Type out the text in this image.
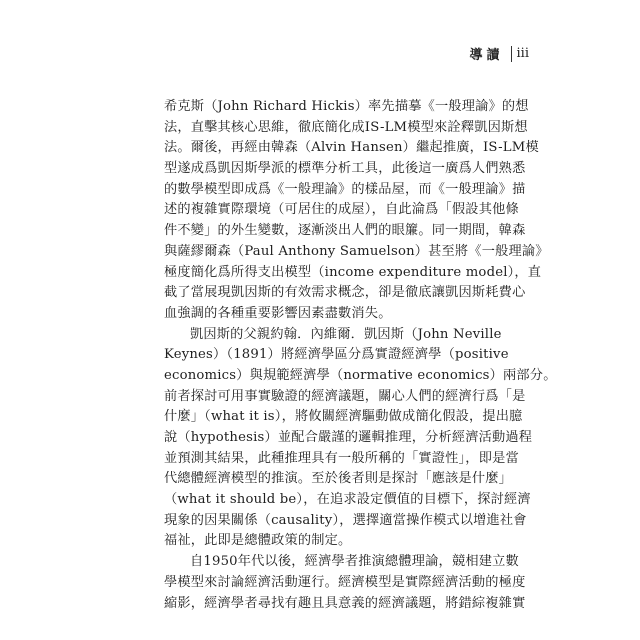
導讀 iii
希克斯（John Richard Hickis）率先描摹《一般理論》的想
法，直擊其核心思維，徹底簡化成IS-LM模型來詮釋凱因斯想
法。爾後，再經由韓森（Alvin Hansen）繼起推廣，IS-LM模
型遂成爲凱因斯學派的標準分析工具，此後這一廣爲人們熟悉
的數學模型即成爲《一般理論》的樣品屋，而《一般理論》描
述的複雜實際環境（可居住的成屋），自此淪爲「假設其他條
件不變」的外生變數，逐漸淡出人們的眼簾。同一期間，韓森
與薩繆爾森（Paul Anthony Samuelson）甚至將《一般理論》
極度簡化爲所得支出模型（income expenditure model），直
截了當展現凱因斯的有效需求概念，卻是徹底讓凱因斯耗費心
血強調的各種重要影響因素盡數消失。
凱因斯的父親約翰．內維爾．凱因斯（John Neville
Keynes）（1891）將經濟學區分爲實證經濟學（positive
economics）與規範經濟學（normative economics）兩部分。
前者探討可用事實驗證的經濟議題，關心人們的經濟行爲「是
什麼」（what it is），將攸關經濟驅動做成簡化假設，提出臆
說（hypothesis）並配合嚴謹的邏輯推理，分析經濟活動過程
並預測其結果，此種推理具有一般所稱的「實證性」，即是當
代總體經濟模型的推演。至於後者則是探討「應該是什麼」
（what it should be），在追求設定價值的目標下，探討經濟
現象的因果關係（causality），選擇適當操作模式以增進社會
福祉，此即是總體政策的制定。
自1950年代以後，經濟學者推演總體理論，競相建立數
學模型來討論經濟活動運行。經濟模型是實際經濟活動的極度
縮影，經濟學者尋找有趣且具意義的經濟議題，將錯綜複雜實
